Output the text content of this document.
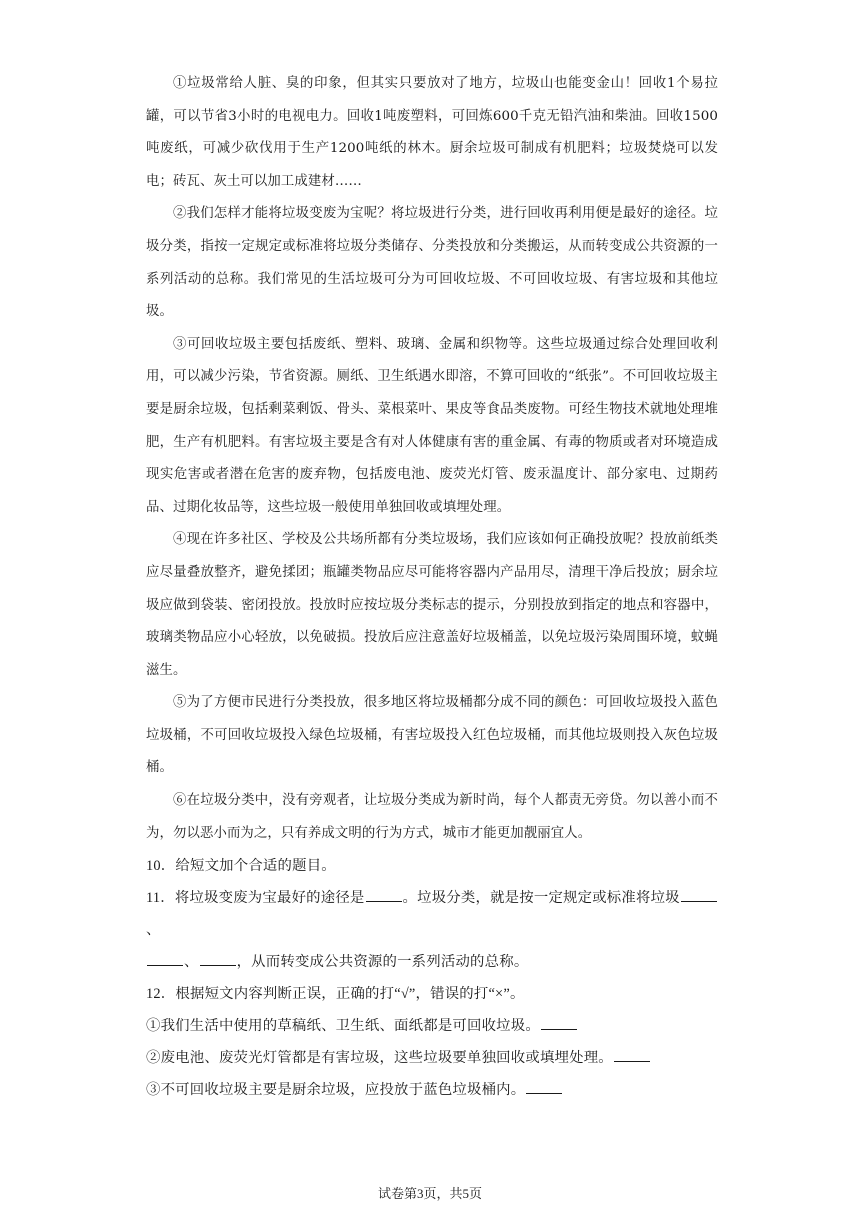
①垃圾常给人脏、臭的印象，但其实只要放对了地方，垃圾山也能变金山！回收1个易拉罐，可以节省3小时的电视电力。回收1吨废塑料，可回炼600千克无铅汽油和柴油。回收1500吨废纸，可减少砍伐用于生产1200吨纸的林木。厨余垃圾可制成有机肥料；垃圾焚烧可以发电；砖瓦、灰土可以加工成建材……

②我们怎样才能将垃圾变废为宝呢？将垃圾进行分类，进行回收再利用便是最好的途径。垃圾分类，指按一定规定或标准将垃圾分类储存、分类投放和分类搬运，从而转变成公共资源的一系列活动的总称。我们常见的生活垃圾可分为可回收垃圾、不可回收垃圾、有害垃圾和其他垃圾。

③可回收垃圾主要包括废纸、塑料、玻璃、金属和织物等。这些垃圾通过综合处理回收利用，可以减少污染，节省资源。厕纸、卫生纸遇水即溶，不算可回收的“纸张”。不可回收垃圾主要是厨余垃圾，包括剩菜剩饭、骨头、菜根菜叶、果皮等食品类废物。可经生物技术就地处理堆肥，生产有机肥料。有害垃圾主要是含有对人体健康有害的重金属、有毒的物质或者对环境造成现实危害或者潜在危害的废弃物，包括废电池、废荧光灯管、废汞温度计、部分家电、过期药品、过期化妆品等，这些垃圾一般使用单独回收或填埋处理。

④现在许多社区、学校及公共场所都有分类垃圾场，我们应该如何正确投放呢？投放前纸类应尽量叠放整齐，避免揉团；瓶罐类物品应尽可能将容器内产品用尽，清理干净后投放；厨余垃圾应做到袋装、密闭投放。投放时应按垃圾分类标志的提示，分别投放到指定的地点和容器中，玻璃类物品应小心轻放，以免破损。投放后应注意盖好垃圾桶盖，以免垃圾污染周围环境，蚊蝇滋生。

⑤为了方便市民进行分类投放，很多地区将垃圾桶都分成不同的颜色：可回收垃圾投入蓝色垃圾桶，不可回收垃圾投入绿色垃圾桶，有害垃圾投入红色垃圾桶，而其他垃圾则投入灰色垃圾桶。

⑥在垃圾分类中，没有旁观者，让垃圾分类成为新时尚，每个人都责无旁贷。勿以善小而不为，勿以恶小而为之，只有养成文明的行为方式，城市才能更加靓丽宜人。

10．给短文加个合适的题目。

11．将垃圾变废为宝最好的途径是	。垃圾分类，就是按一定规定或标准将垃圾、
、	，从而转变成公共资源的一系列活动的总称。

12．根据短文内容判断正误，正确的打“√”，错误的打“×”。

①我们生活中使用的草稿纸、卫生纸、面纸都是可回收垃圾。

②废电池、废荧光灯管都是有害垃圾，这些垃圾要单独回收或填埋处理。

③不可回收垃圾主要是厨余垃圾，应投放于蓝色垃圾桶内。

试卷第3页，共5页
